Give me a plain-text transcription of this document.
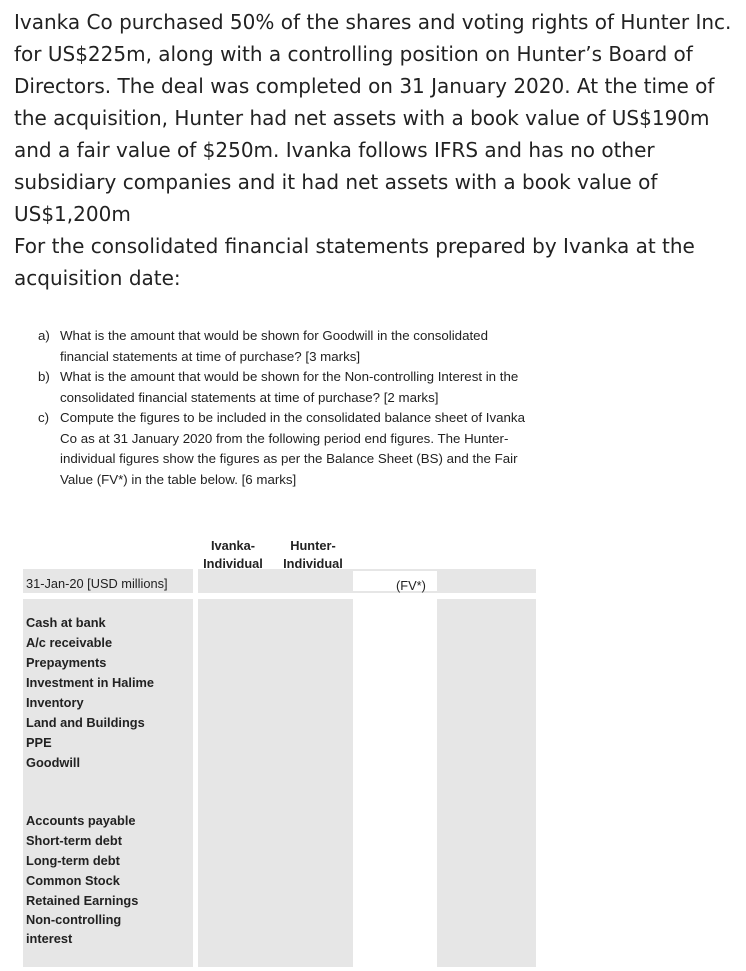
Ivanka Co purchased 50% of the shares and voting rights of Hunter Inc. for US$225m, along with a controlling position on Hunter’s Board of Directors. The deal was completed on 31 January 2020. At the time of the acquisition, Hunter had net assets with a book value of US$190m and a fair value of $250m. Ivanka follows IFRS and has no other subsidiary companies and it had net assets with a book value of US$1,200m

For the consolidated financial statements prepared by Ivanka at the acquisition date:

a) What is the amount that would be shown for Goodwill in the consolidated financial statements at time of purchase? [3 marks]
b) What is the amount that would be shown for the Non-controlling Interest in the consolidated financial statements at time of purchase? [2 marks]
c) Compute the figures to be included in the consolidated balance sheet of Ivanka Co as at 31 January 2020 from the following period end figures. The Hunter-individual figures show the figures as per the Balance Sheet (BS) and the Fair Value (FV*) in the table below. [6 marks]
Ivanka-
Individual
Hunter-
Individual
31-Jan-20 [USD millions]	(FV*)
Cash at bank
A/c receivable
Prepayments
Investment in Halime
Inventory
Land and Buildings
PPE
Goodwill
Accounts payable
Short-term debt
Long-term debt
Common Stock
Retained Earnings
Non-controlling
interest
